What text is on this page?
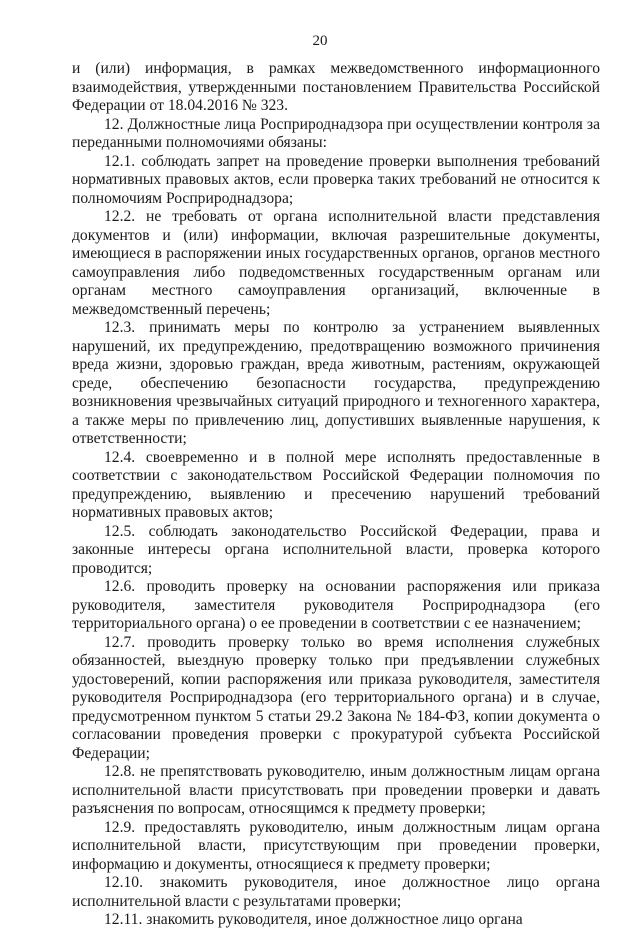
20

и (или) информация, в рамках межведомственного информационного взаимодействия, утвержденными постановлением Правительства Российской Федерации от 18.04.2016 № 323.

12. Должностные лица Росприроднадзора при осуществлении контроля за переданными полномочиями обязаны:

12.1. соблюдать запрет на проведение проверки выполнения требований нормативных правовых актов, если проверка таких требований не относится к полномочиям Росприроднадзора;

12.2. не требовать от органа исполнительной власти представления документов и (или) информации, включая разрешительные документы, имеющиеся в распоряжении иных государственных органов, органов местного самоуправления либо подведомственных государственным органам или органам местного самоуправления организаций, включенные в межведомственный перечень;

12.3. принимать меры по контролю за устранением выявленных нарушений, их предупреждению, предотвращению возможного причинения вреда жизни, здоровью граждан, вреда животным, растениям, окружающей среде, обеспечению безопасности государства, предупреждению возникновения чрезвычайных ситуаций природного и техногенного характера, а также меры по привлечению лиц, допустивших выявленные нарушения, к ответственности;

12.4. своевременно и в полной мере исполнять предоставленные в соответствии с законодательством Российской Федерации полномочия по предупреждению, выявлению и пресечению нарушений требований нормативных правовых актов;

12.5. соблюдать законодательство Российской Федерации, права и законные интересы органа исполнительной власти, проверка которого проводится;

12.6. проводить проверку на основании распоряжения или приказа руководителя, заместителя руководителя Росприроднадзора (его территориального органа) о ее проведении в соответствии с ее назначением;

12.7. проводить проверку только во время исполнения служебных обязанностей, выездную проверку только при предъявлении служебных удостоверений, копии распоряжения или приказа руководителя, заместителя руководителя Росприроднадзора (его территориального органа) и в случае, предусмотренном пунктом 5 статьи 29.2 Закона № 184-ФЗ, копии документа о согласовании проведения проверки с прокуратурой субъекта Российской Федерации;

12.8. не препятствовать руководителю, иным должностным лицам органа исполнительной власти присутствовать при проведении проверки и давать разъяснения по вопросам, относящимся к предмету проверки;

12.9. предоставлять руководителю, иным должностным лицам органа исполнительной власти, присутствующим при проведении проверки, информацию и документы, относящиеся к предмету проверки;

12.10. знакомить руководителя, иное должностное лицо органа исполнительной власти с результатами проверки;

12.11. знакомить руководителя, иное должностное лицо органа
